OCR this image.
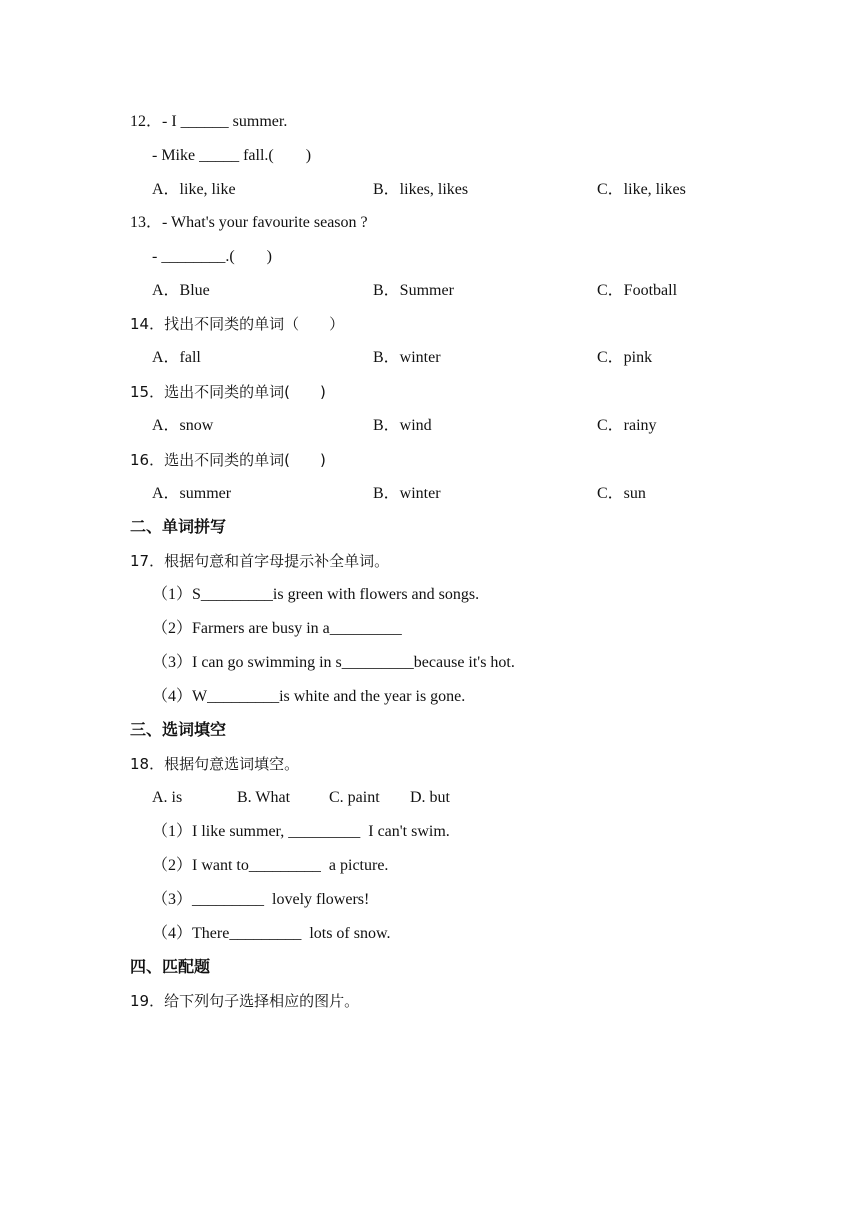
12．- I ______ summer.
- Mike _____ fall.(　　)
A．like, like	B．likes, likes	C．like, likes
13．- What's your favourite season ?
- ________.(　　)
A．Blue	B．Summer	C．Football
14．找出不同类的单词（　　）
A．fall	B．winter	C．pink
15．选出不同类的单词(　　)
A．snow	B．wind	C．rainy
16．选出不同类的单词(　　)
A．summer	B．winter	C．sun
二、单词拼写
17．根据句意和首字母提示补全单词。
（1）S_________is green with flowers and songs.
（2）Farmers are busy in a_________
（3）I can go swimming in s_________because it's hot.
（4）W_________is white and the year is gone.
三、选词填空
18．根据句意选词填空。
A. is	B. What C. paint D. but
（1）I like summer, _________  I can't swim.
（2）I want to_________  a picture.
（3）_________  lovely flowers!
（4）There_________  lots of snow.
四、匹配题
19．给下列句子选择相应的图片。
